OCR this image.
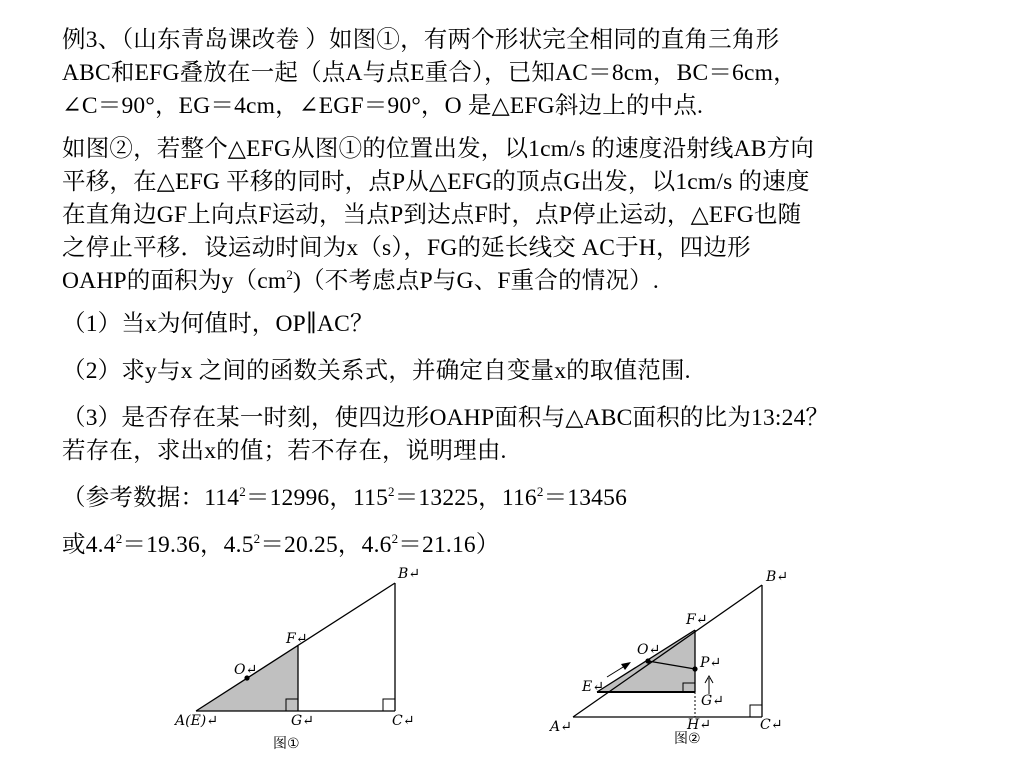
例3、（山东青岛课改卷 ）如图①，有两个形状完全相同的直角三角形
ABC和EFG叠放在一起（点A与点E重合），已知AC＝8cm，BC＝6cm，
∠C＝90°，EG＝4cm，∠EGF＝90°，O 是△EFG斜边上的中点.

如图②，若整个△EFG从图①的位置出发，以1cm/s 的速度沿射线AB方向
平移，在△EFG 平移的同时，点P从△EFG的顶点G出发，以1cm/s 的速度
在直角边GF上向点F运动，当点P到达点F时，点P停止运动，△EFG也随
之停止平移．设运动时间为x（s），FG的延长线交 AC于H，四边形
OAHP的面积为$y(cm^2)$（不考虑点P与G、F重合的情况）.

（1）当x为何值时，OP∥AC？

（2）求y与x 之间的函数关系式，并确定自变量x的取值范围.

（3）是否存在某一时刻，使四边形OAHP面积与△ABC面积的比为13:24？
若存在，求出x的值；若不存在，说明理由.

（参考数据：$114^2=12996$，$115^2=13225$，$116^2=13456$

或$4.4^2=19.36$，$4.5^2=20.25$，$4.6^2=21.16$）

B↵
F↵
O↵
A(E)↵	G↵	C↵
图①
B↵
F↵
O↵
P↵
E↵
G↵
A↵	H↵	C↵
图②
